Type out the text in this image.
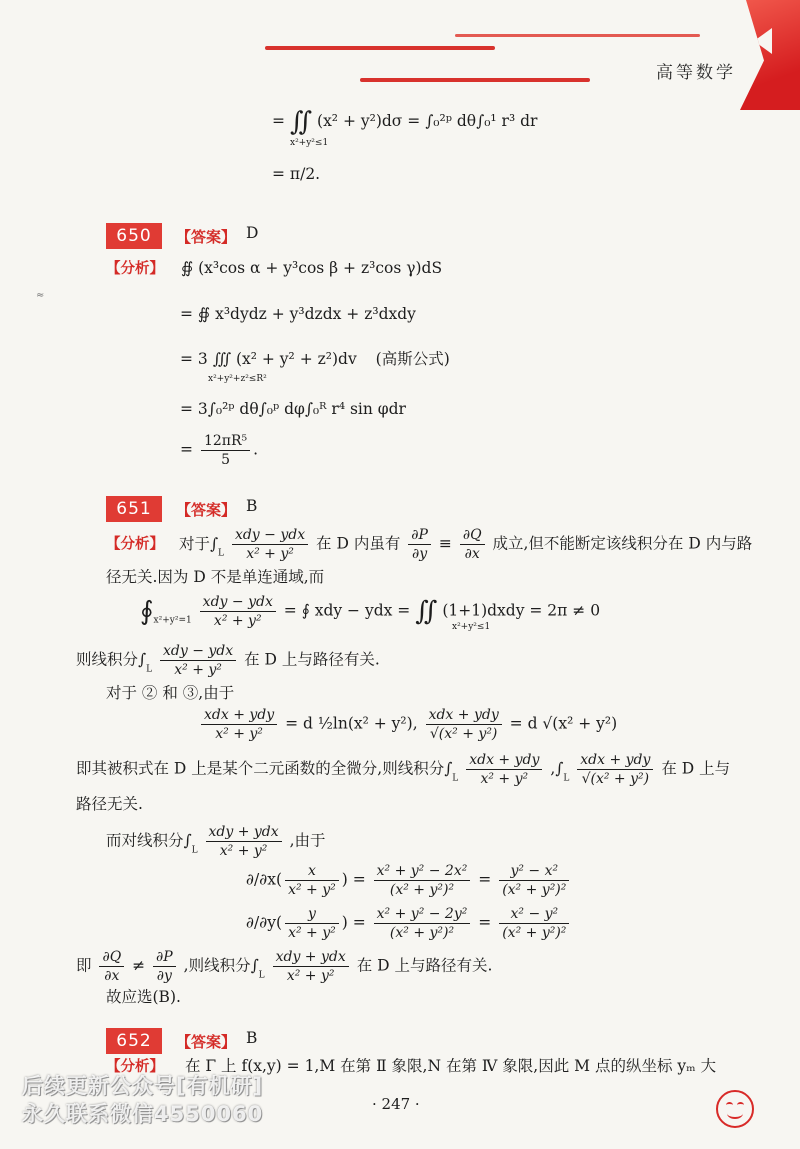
高等数学
= ∬ (x² + y²)dσ = ∫₀²ᵖ dθ∫₀¹ r³ dr
x²+y²≤1
= π/2.
650	【答案】 D
【分析】 ∯ (x³cos α + y³cos β + z³cos γ)dS
= ∯ x³dydz + y³dzdx + z³dxdy
= 3 ∭ (x² + y² + z²)dv (高斯公式)
x²+y²+z²≤R²
= 3∫₀²ᵖ dθ∫₀ᵖ dφ∫₀ᴿ r⁴ sin φdr
= $\frac{\text{12πR⁵}}{5}$ .
≈
651	【答案】 B
【分析】 对于$\int_L \frac{\text{xdy − ydx}}{\text{x² + y²}}$ 在 D 内虽有 $\frac{\partial P}{\partial y} \equiv \frac{\partial Q}{\partial x}$ 成立,但不能断定该线积分在 D 内与路
径无关.因为 D 不是单连通域,而
$∮_{x^2+y^2=1} \frac{\text{xdy − ydx}}{\text{x² + y²}}$ = ∮ xdy − ydx = ∬ (1+1)dxdy = 2π ≠ 0
x²+y²≤1
则线积分$\int_L \frac{\text{xdy − ydx}}{\text{x² + y²}}$ 在 D 上与路径有关.
对于 ② 和 ③,由于
$\frac{\text{xdx + ydy}}{\text{x² + y²}} = d$ ½ln(x² + y²), $\frac{\text{xdx + ydy}}{\text{√(x² + y²)}} = d$ √(x² + y²)
即其被积式在 D 上是某个二元函数的全微分,则线积分$\int_L \frac{\text{xdx + ydy}}{\text{x² + y²}} ,\int_L \frac{\text{xdx + ydy}}{\text{√(x² + y²)}}$ 在 D 上与
路径无关.
而对线积分$\int_L \frac{\text{xdy + ydx}}{\text{x² + y²}}$ ,由于
$\partial/\partial x( \frac{x}{\text{x² + y²}}$ ) = $\frac{\text{x² + y² − 2x²}}{\text{(x² + y²)²}} = \frac{\text{y² − x²}}{\text{(x² + y²)²}}$
$\partial/\partial y( \frac{y}{\text{x² + y²}}$ ) = $\frac{\text{x² + y² − 2y²}}{\text{(x² + y²)²}} = \frac{\text{x² − y²}}{\text{(x² + y²)²}}$
即 $\frac{\partial Q}{\partial x} \ne \frac{\partial P}{\partial y}$ ,则线积分$\int_L \frac{\text{xdy + ydx}}{\text{x² + y²}}$ 在 D 上与路径有关.
故应选(B).
652	【答案】 B
【分析】 在 Γ 上 f(x,y) = 1,M 在第 Ⅱ 象限,N 在第 Ⅳ 象限,因此 M 点的纵坐标 yₘ 大
· 247 ·
后续更新公众号[有机研]
永久联系微信4550060
